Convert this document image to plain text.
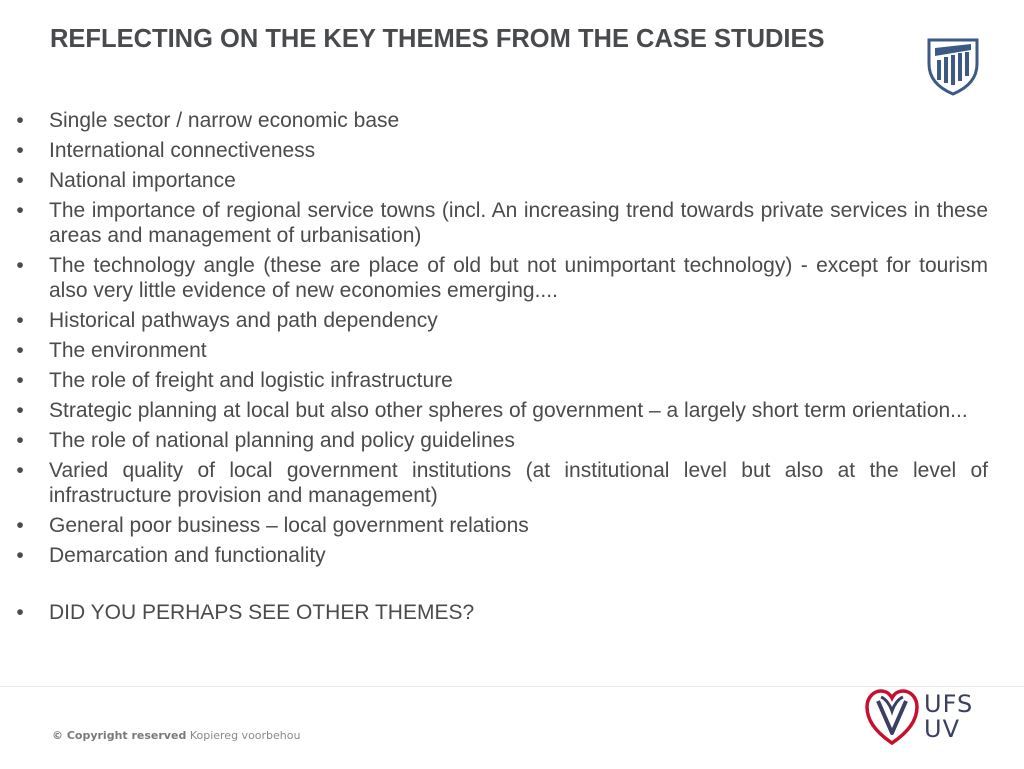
REFLECTING ON THE KEY THEMES FROM THE CASE STUDIES
•	Single sector / narrow economic base
•	International connectiveness
•	National importance
•	The importance of regional service towns (incl. An increasing trend towards private services in these areas and management of urbanisation)
•	The technology angle (these are place of old but not unimportant technology) - except for tourism also very little evidence of new economies emerging....
•	Historical pathways and path dependency
•	The environment
•	The role of freight and logistic infrastructure
•	Strategic planning at local but also other spheres of government – a largely short term orientation...
•	The role of national planning and policy guidelines
•	Varied quality of local government institutions (at institutional level but also at the level of infrastructure provision and management)
•	General poor business – local government relations
•	Demarcation and functionality
•	DID YOU PERHAPS SEE OTHER THEMES?
© Copyright reserved Kopiereg voorbehou
UFS
UV
